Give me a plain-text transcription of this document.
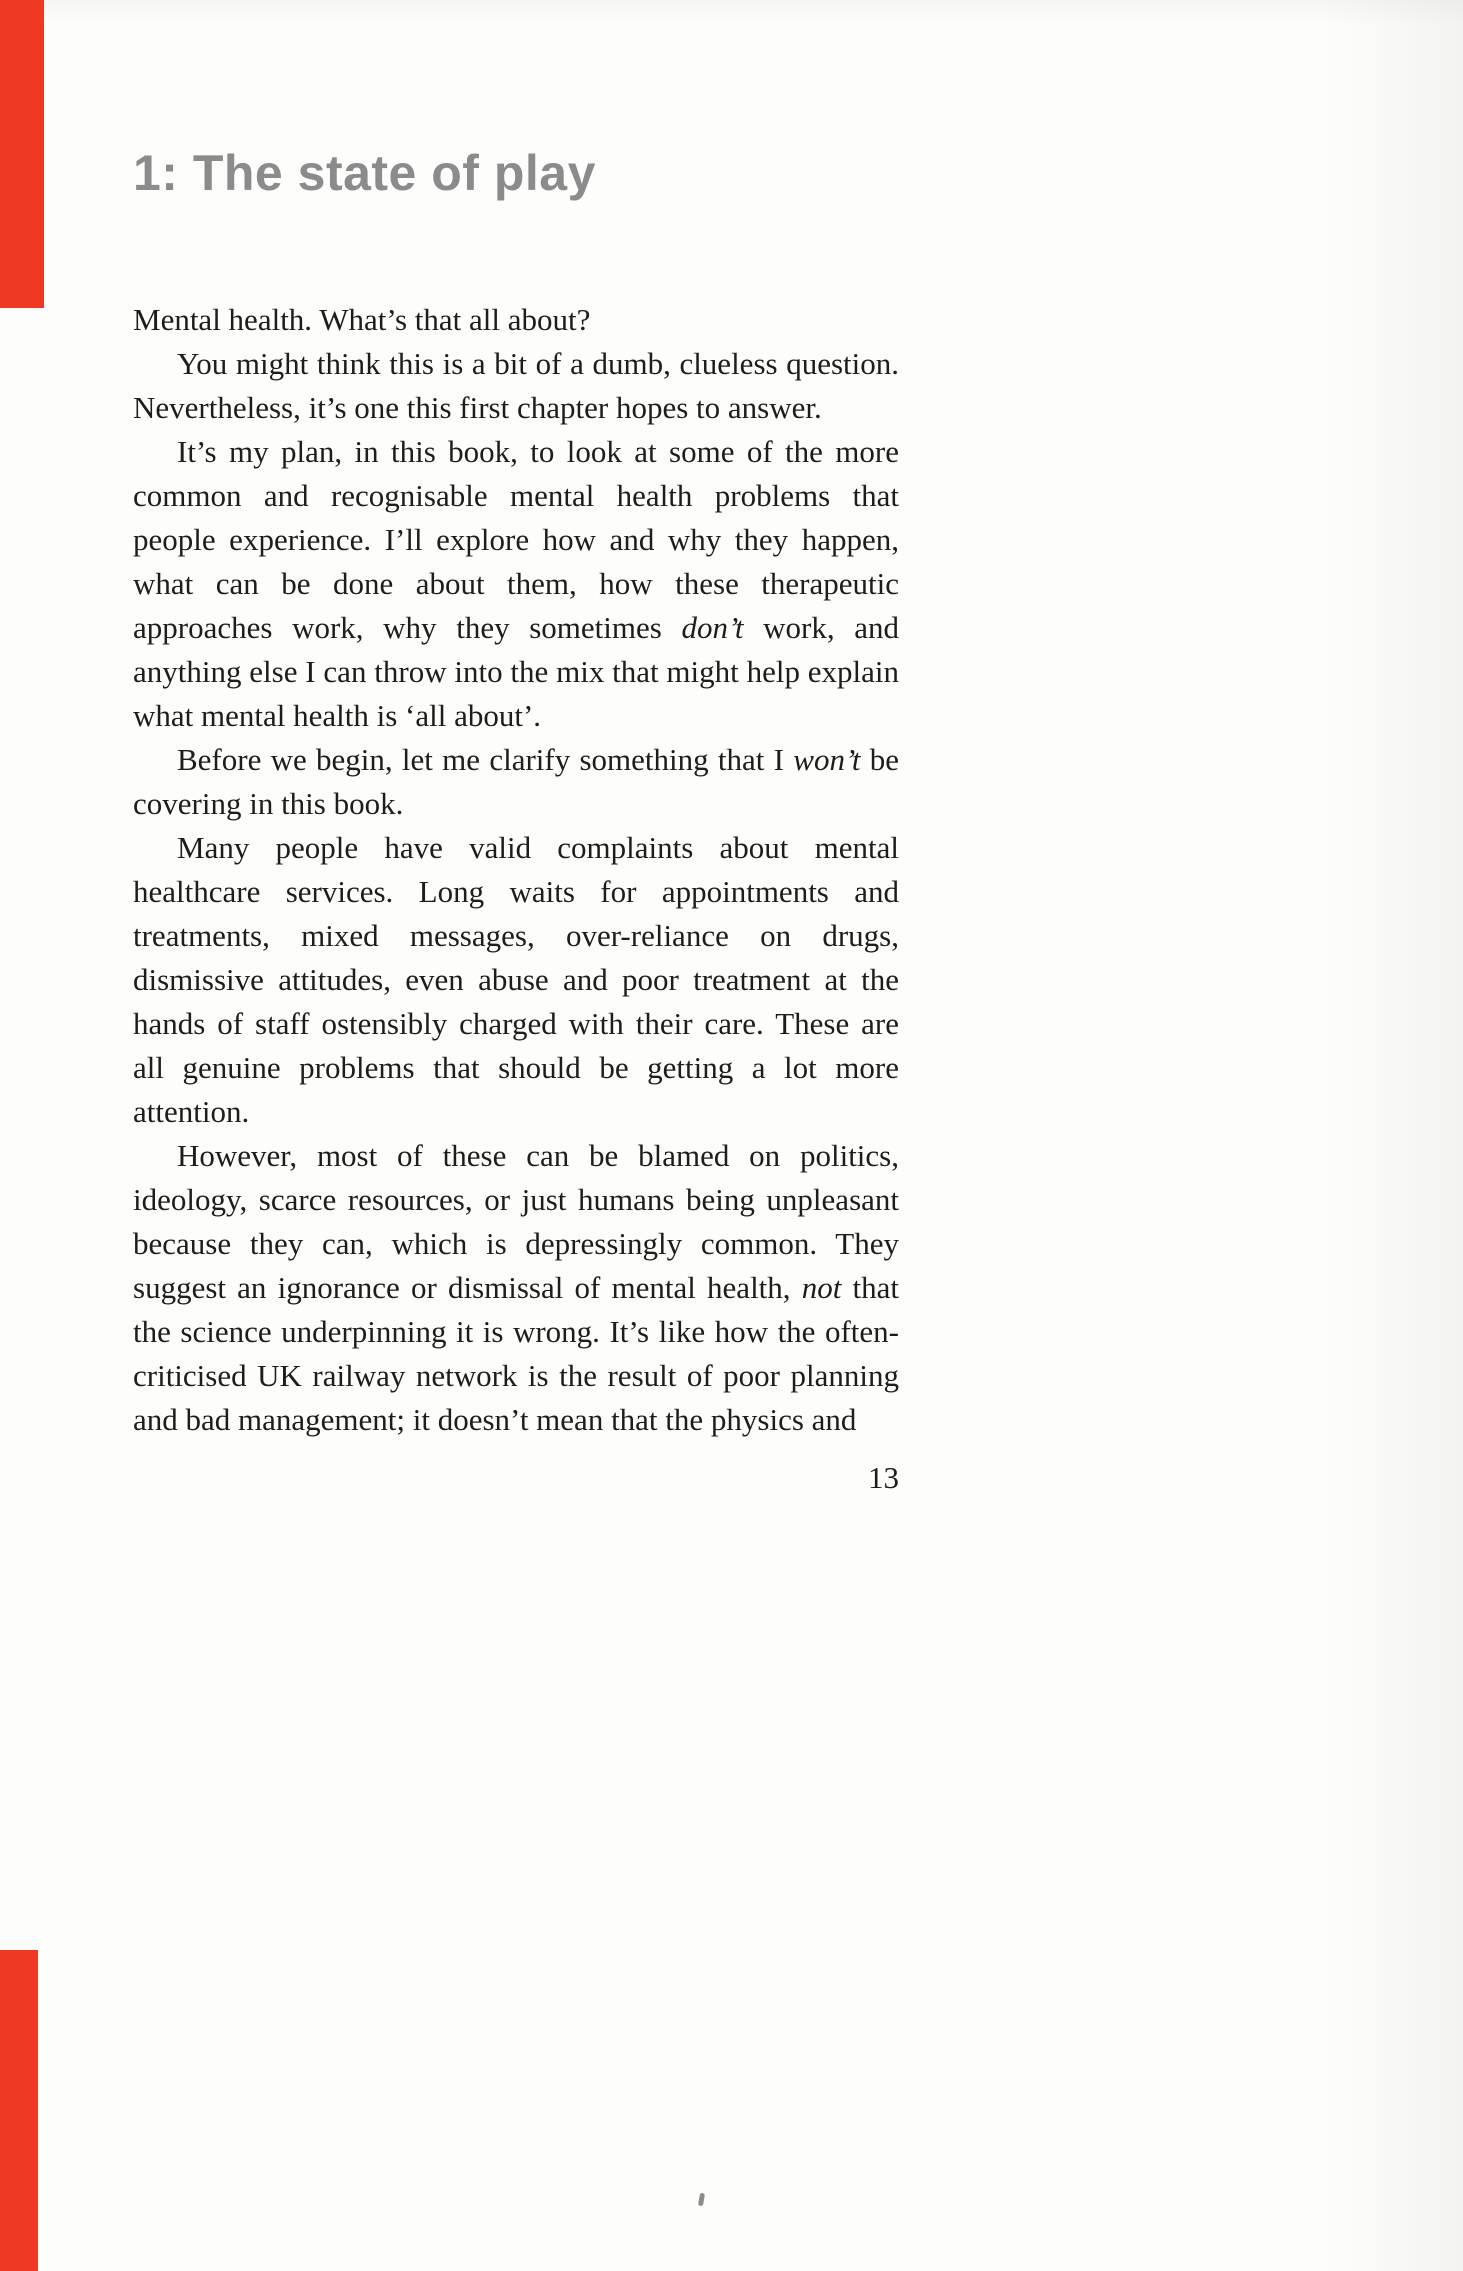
1: The state of play

Mental health. What’s that all about?

You might think this is a bit of a dumb, clueless question. Nevertheless, it’s one this first chapter hopes to answer.

It’s my plan, in this book, to look at some of the more common and recognisable mental health problems that people experience. I’ll explore how and why they happen, what can be done about them, how these therapeutic approaches work, why they sometimes don’t work, and anything else I can throw into the mix that might help explain what mental health is ‘all about’.

Before we begin, let me clarify something that I won’t be covering in this book.

Many people have valid complaints about mental healthcare services. Long waits for appointments and treatments, mixed messages, over-reliance on drugs, dismissive attitudes, even abuse and poor treatment at the hands of staff ostensibly charged with their care. These are all genuine problems that should be getting a lot more attention.

However, most of these can be blamed on politics, ideology, scarce resources, or just humans being unpleasant because they can, which is depressingly common. They suggest an ignorance or dismissal of mental health, not that the science underpinning it is wrong. It’s like how the often-criticised UK railway network is the result of poor planning and bad management; it doesn’t mean that the physics and

13
